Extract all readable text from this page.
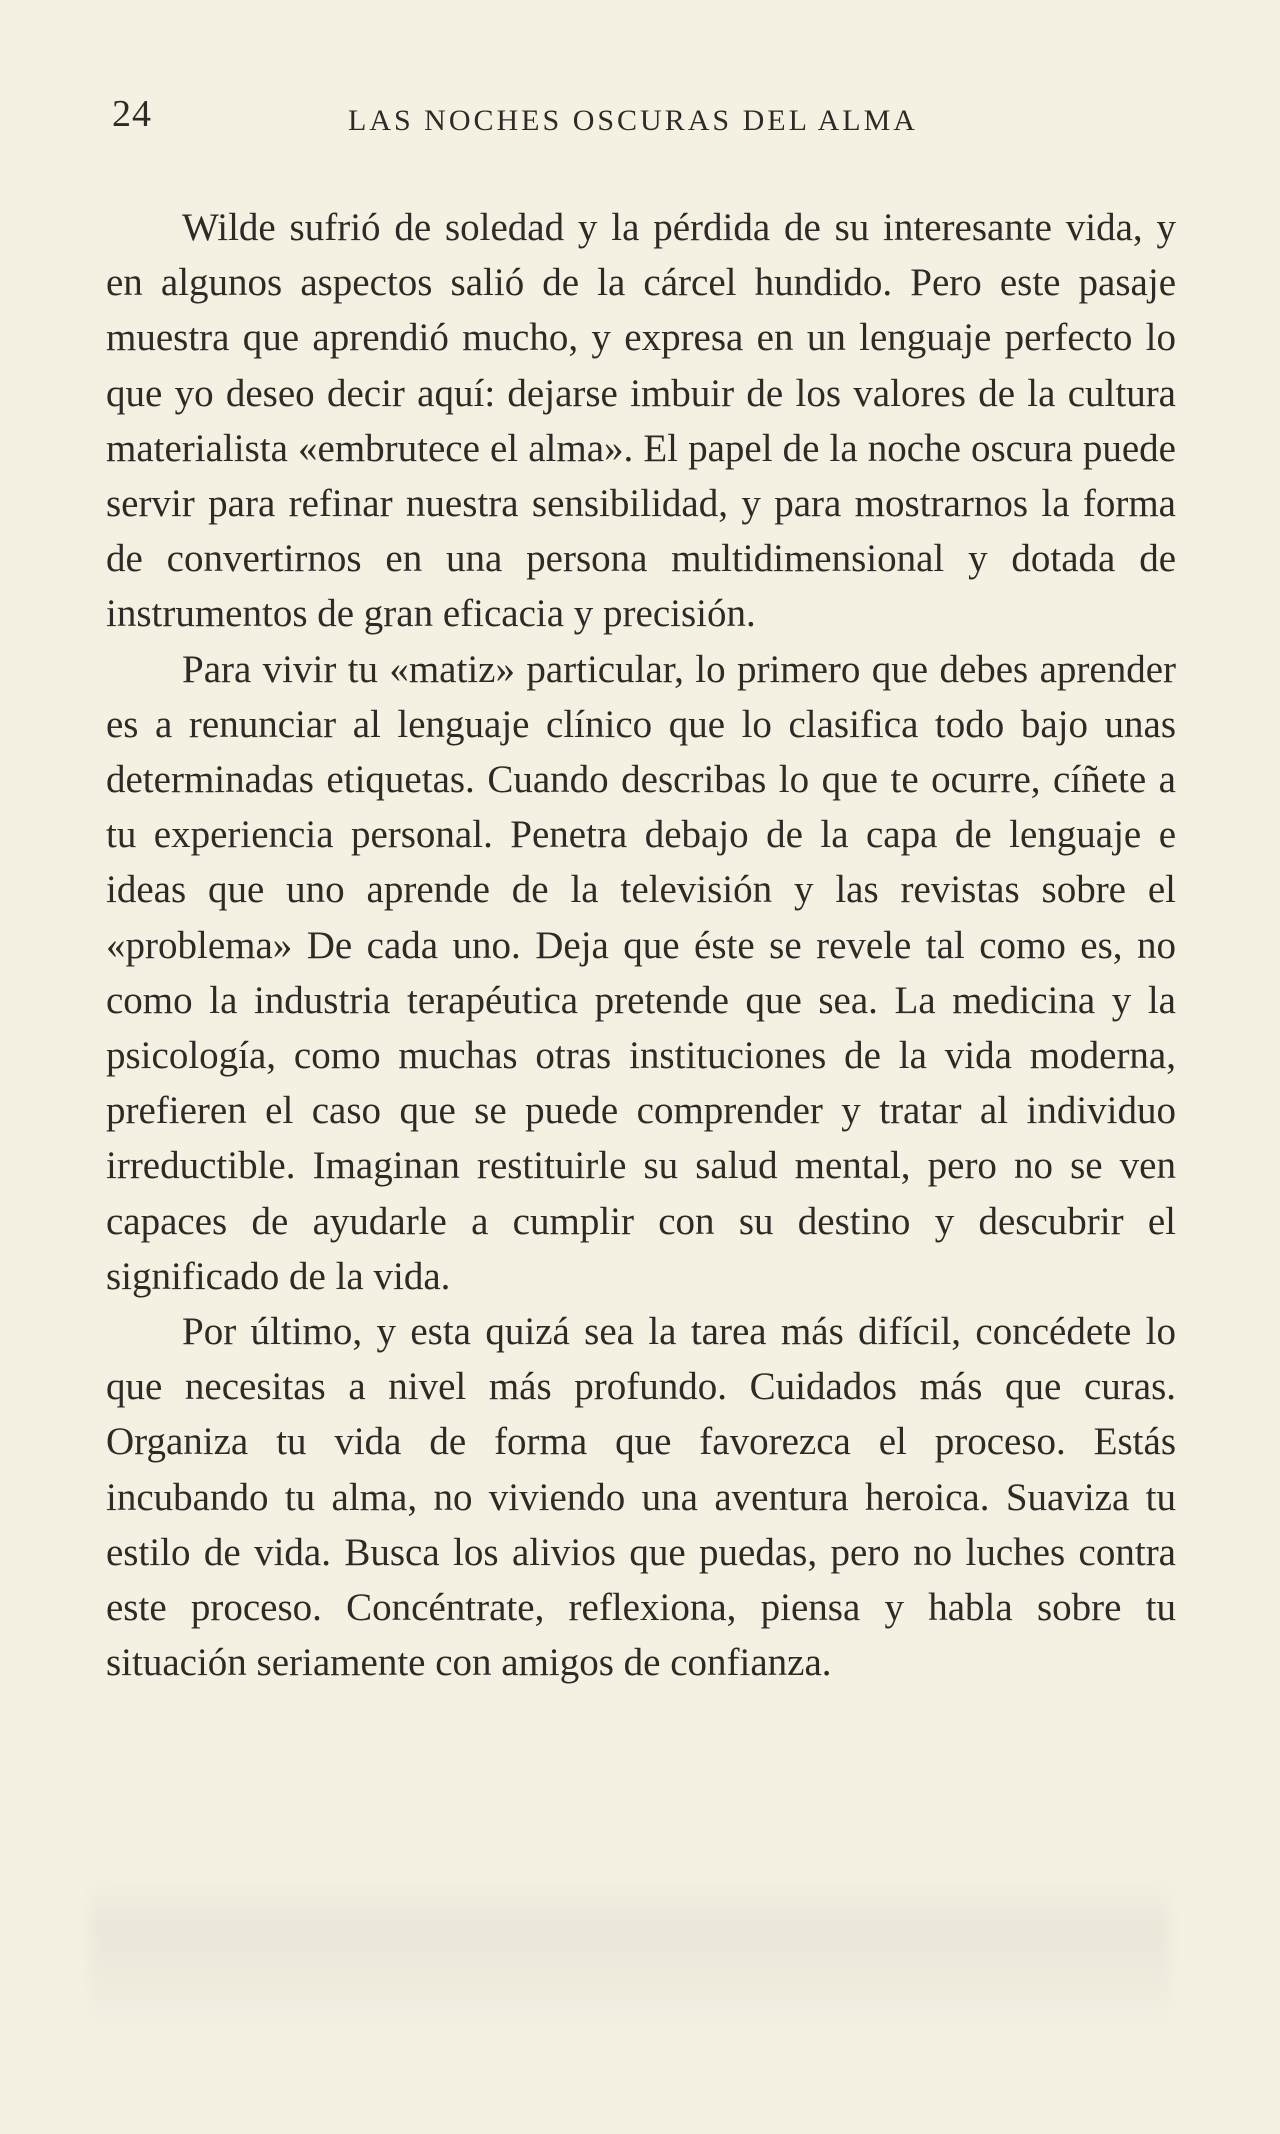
24	LAS NOCHES OSCURAS DEL ALMA

Wilde sufrió de soledad y la pérdida de su interesante vida, y en algunos aspectos salió de la cárcel hundido. Pero este pasaje muestra que aprendió mucho, y expresa en un lenguaje perfecto lo que yo deseo decir aquí: dejarse imbuir de los valores de la cultura materialista «embrutece el alma». El papel de la noche oscura puede servir para refinar nuestra sensibilidad, y para mostrarnos la forma de convertirnos en una persona multidimensional y dotada de instrumentos de gran eficacia y precisión.

Para vivir tu «matiz» particular, lo primero que debes aprender es a renunciar al lenguaje clínico que lo clasifica todo bajo unas determinadas etiquetas. Cuando describas lo que te ocurre, cíñete a tu experiencia personal. Penetra debajo de la capa de lenguaje e ideas que uno aprende de la televisión y las revistas sobre el «problema» De cada uno. Deja que éste se revele tal como es, no como la industria terapéutica pretende que sea. La medicina y la psicología, como muchas otras instituciones de la vida moderna, prefieren el caso que se puede comprender y tratar al individuo irreductible. Imaginan restituirle su salud mental, pero no se ven capaces de ayudarle a cumplir con su destino y descubrir el significado de la vida.

Por último, y esta quizá sea la tarea más difícil, concédete lo que necesitas a nivel más profundo. Cuidados más que curas. Organiza tu vida de forma que favorezca el proceso. Estás incubando tu alma, no viviendo una aventura heroica. Suaviza tu estilo de vida. Busca los alivios que puedas, pero no luches contra este proceso. Concéntrate, reflexiona, piensa y habla sobre tu situación seriamente con amigos de confianza.
